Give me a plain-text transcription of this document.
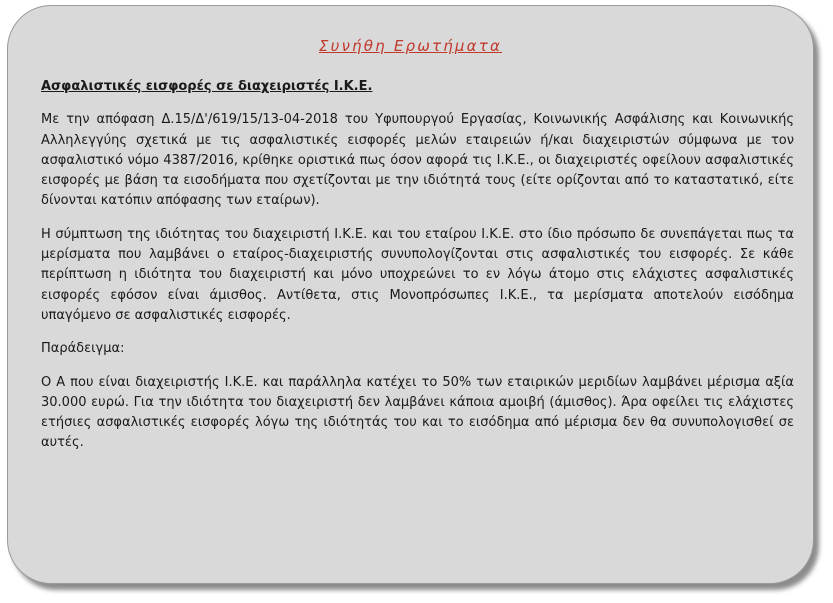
Συνήθη Ερωτήματα

Ασφαλιστικές εισφορές σε διαχειριστές Ι.Κ.Ε.

Με την απόφαση Δ.15/Δ'/619/15/13-04-2018 του Υφυπουργού Εργασίας, Κοινωνικής Ασφάλισης και Κοινωνικής Αλληλεγγύης σχετικά με τις ασφαλιστικές εισφορές μελών εταιρειών ή/και διαχειριστών σύμφωνα με τον ασφαλιστικό νόμο 4387/2016, κρίθηκε οριστικά πως όσον αφορά τις Ι.Κ.Ε., οι διαχειριστές οφείλουν ασφαλιστικές εισφορές με βάση τα εισοδήματα που σχετίζονται με την ιδιότητά τους (είτε ορίζονται από το καταστατικό, είτε δίνονται κατόπιν απόφασης των εταίρων).

Η σύμπτωση της ιδιότητας του διαχειριστή Ι.Κ.Ε. και του εταίρου Ι.Κ.Ε. στο ίδιο πρόσωπο δε συνεπάγεται πως τα μερίσματα που λαμβάνει ο εταίρος-διαχειριστής συνυπολογίζονται στις ασφαλιστικές του εισφορές. Σε κάθε περίπτωση η ιδιότητα του διαχειριστή και μόνο υποχρεώνει το εν λόγω άτομο στις ελάχιστες ασφαλιστικές εισφορές εφόσον είναι άμισθος. Αντίθετα, στις Μονοπρόσωπες Ι.Κ.Ε., τα μερίσματα αποτελούν εισόδημα υπαγόμενο σε ασφαλιστικές εισφορές.

Παράδειγμα:

Ο Α που είναι διαχειριστής Ι.Κ.Ε. και παράλληλα κατέχει το 50% των εταιρικών μεριδίων λαμβάνει μέρισμα αξία 30.000 ευρώ. Για την ιδιότητα του διαχειριστή δεν λαμβάνει κάποια αμοιβή (άμισθος). Άρα οφείλει τις ελάχιστες ετήσιες ασφαλιστικές εισφορές λόγω της ιδιότητάς του και το εισόδημα από μέρισμα δεν θα συνυπολογισθεί σε αυτές.
